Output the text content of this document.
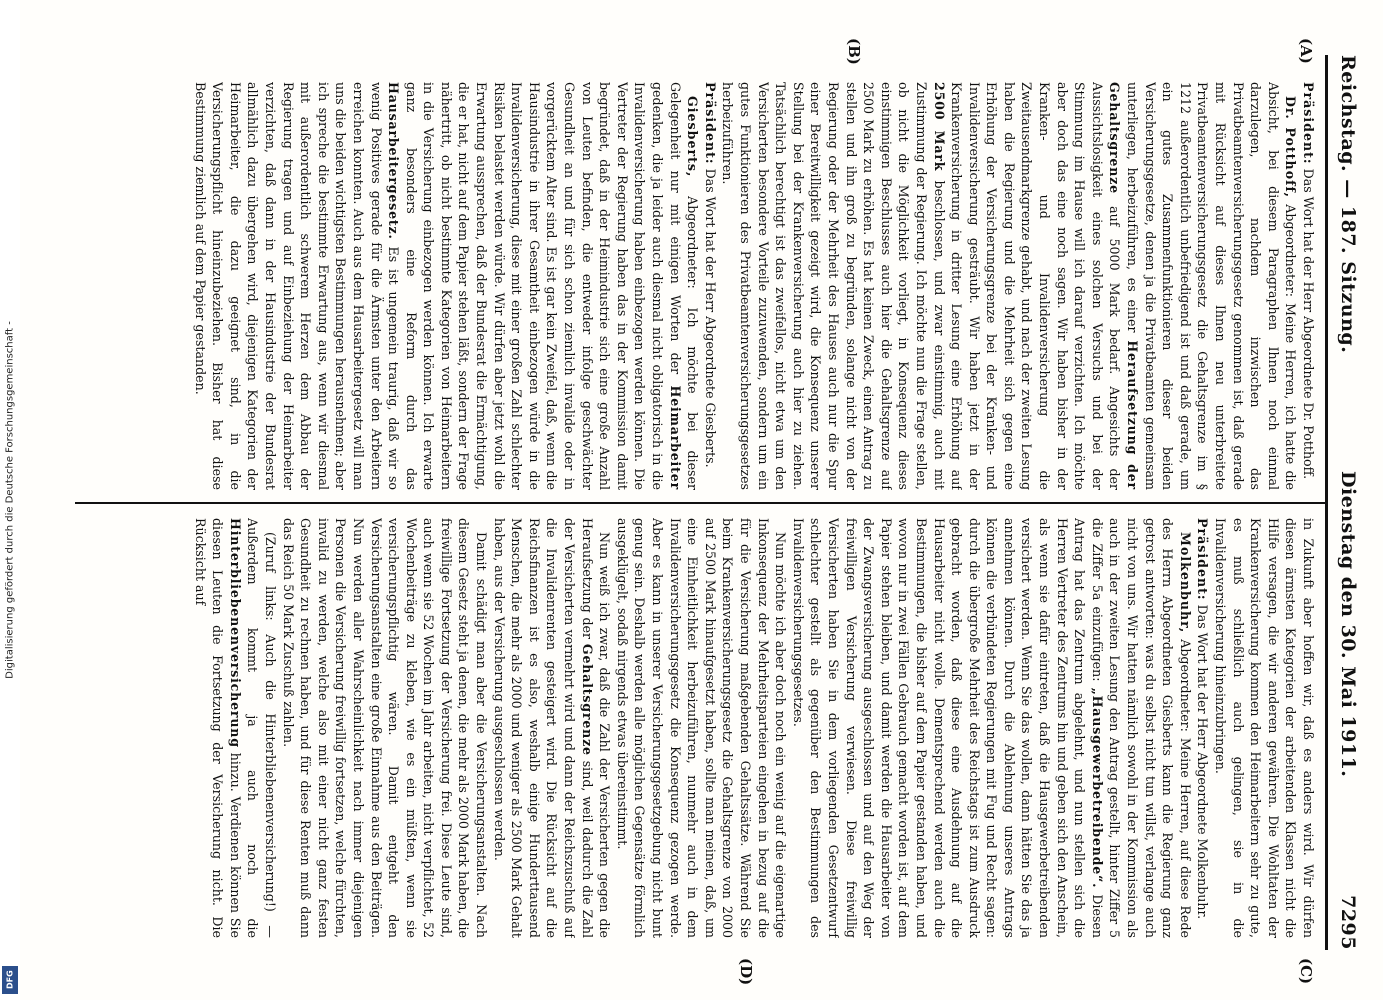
Digitalisierung gefördert durch die Deutsche Forschungsgemeinschaft -
DFG
Reichstag. — 187. Sitzung.
Dienstag den 30. Mai 1911.
7295
(A)
(B)
(C)
(D)

Präsident: Das Wort hat der Herr Abgeordnete Dr. Potthoff.

Dr. Potthoff, Abgeordneter: Meine Herren, ich hatte die Absicht, bei diesem Paragraphen Ihnen noch einmal darzulegen, nachdem inzwischen das Privatbeamtenversicherungsgesetz genommen ist, daß gerade mit Rücksicht auf dieses Ihnen neu unterbreitete Privatbeamtenversicherungsgesetz die Gehaltsgrenze im § 1212 außerordentlich unbefriedigend ist und daß gerade, um ein gutes Zusammenfunktionieren dieser beiden Versicherungsgesetze, denen ja die Privatbeamten gemeinsam unterliegen, herbeizuführen, es einer Heraufsetzung der Gehaltsgrenze auf 5000 Mark bedarf. Angesichts der Aussichtslosigkeit eines solchen Versuchs und bei der Stimmung im Hause will ich darauf verzichten. Ich möchte aber doch das eine noch sagen. Wir haben bisher in der Kranken- und Invalidenversicherung die Zweitausendmarkgrenze gehabt, und nach der zweiten Lesung haben die Regierung und die Mehrheit sich gegen eine Erhöhung der Versicherungsgrenze bei der Kranken- und Invalidenversicherung gesträubt. Wir haben jetzt in der Krankenversicherung in dritter Lesung eine Erhöhung auf 2500 Mark beschlossen, und zwar einstimmig, auch mit Zustimmung der Regierung. Ich möchte nun die Frage stellen, ob nicht die Möglichkeit vorliegt, in Konsequenz dieses einstimmigen Beschlusses auch hier die Gehaltsgrenze auf 2500 Mark zu erhöhen. Es hat keinen Zweck, einen Antrag zu stellen und ihn groß zu begründen, solange nicht von der Regierung oder der Mehrheit des Hauses auch nur die Spur einer Bereitwilligkeit gezeigt wird, die Konsequenz unserer Stellung bei der Krankenversicherung auch hier zu ziehen. Tatsächlich berechtigt ist das zweifellos, nicht etwa um den Versicherten besondere Vorteile zuzuwenden, sondern um ein gutes Funktionieren des Privatbeamtenversicherungsgesetzes herbeizuführen.

Präsident: Das Wort hat der Herr Abgeordnete Giesberts.

Giesberts, Abgeordneter: Ich möchte bei dieser Gelegenheit nur mit einigen Worten der Heimarbeiter gedenken, die ja leider auch diesmal nicht obligatorisch in die Invalidenversicherung haben einbezogen werden können. Die Vertreter der Regierung haben das in der Kommission damit begründet, daß in der Heimindustrie sich eine große Anzahl von Leuten befinden, die entweder infolge geschwächter Gesundheit an und für sich schon ziemlich invalide oder in vorgerücktem Alter sind. Es ist gar kein Zweifel, daß, wenn die Hausindustrie in ihrer Gesamtheit einbezogen würde in die Invalidenversicherung, diese mit einer großen Zahl schlechter Risiken belastet werden würde. Wir dürfen aber jetzt wohl die Erwartung aussprechen, daß der Bundesrat die Ermächtigung, die er hat, nicht auf dem Papier stehen läßt, sondern der Frage nähertritt, ob nicht bestimmte Kategorien von Heimarbeitern in die Versicherung einbezogen werden können. Ich erwarte ganz besonders eine Reform durch das Hausarbeitergesetz. Es ist ungemein traurig, daß wir so wenig Positives gerade für die Ärmsten unter den Arbeitern erreichen konnten. Auch aus dem Hausarbeitergesetz will man uns die beiden wichtigsten Bestimmungen herausnehmen; aber ich spreche die bestimmte Erwartung aus, wenn wir diesmal mit außerordentlich schwerem Herzen dem Abbau der Regierung tragen und auf Einbeziehung der Heimarbeiter verzichten, daß dann in der Hausindustrie der Bundesrat allmählich dazu übergehen wird, diejenigen Kategorien der Heimarbeiter, die dazu geeignet sind, in die Versicherungspflicht hineinzubeziehen. Bisher hat diese Bestimmung ziemlich auf dem Papier gestanden.

in Zukunft aber hoffen wir, daß es anders wird. Wir dürfen diesen ärmsten Kategorien der arbeitenden Klassen nicht die Hilfe versagen, die wir anderen gewähren. Die Wohltaten der Krankenversicherung kommen den Heimarbeitern sehr zu gute, es muß schließlich auch gelingen, sie in die Invalidenversicherung hineinzubringen.

Präsident: Das Wort hat der Herr Abgeordnete Molkenbuhr.

Molkenbuhr, Abgeordneter: Meine Herren, auf diese Rede des Herrn Abgeordneten Giesberts kann die Regierung ganz getrost antworten: was du selbst nicht tun willst, verlange auch nicht von uns. Wir hatten nämlich sowohl in der Kommission als auch in der zweiten Lesung den Antrag gestellt, hinter Ziffer 5 die Ziffer 5a einzufügen: „Hausgewerbetreibende“. Diesen Antrag hat das Zentrum abgelehnt, und nun stellen sich die Herren Vertreter des Zentrums hin und geben sich den Anschein, als wenn sie dafür eintreten, daß die Hausgewerbetreibenden versichert werden. Wenn Sie das wollen, dann hätten Sie das ja annehmen können. Durch die Ablehnung unseres Antrags können die verbündeten Regierungen mit Fug und Recht sagen: durch die übergroße Mehrheit des Reichstags ist zum Ausdruck gebracht worden, daß diese eine Ausdehnung auf die Hausarbeiter nicht wolle. Dementsprechend werden auch die Bestimmungen, die bisher auf dem Papier gestanden haben, und wovon nur in zwei Fällen Gebrauch gemacht worden ist, auf dem Papier stehen bleiben, und damit werden die Hausarbeiter von der Zwangsversicherung ausgeschlossen und auf den Weg der freiwilligen Versicherung verwiesen. Diese freiwillig Versicherten haben Sie in dem vorliegenden Gesetzentwurf schlechter gestellt als gegenüber den Bestimmungen des Invalidenversicherungsgesetzes.

Nun möchte ich aber doch noch ein wenig auf die eigenartige Inkonsequenz der Mehrheitsparteien eingehen in bezug auf die für die Versicherung maßgebenden Gehaltssätze. Während Sie beim Krankenversicherungsgesetz die Gehaltsgrenze von 2000 auf 2500 Mark hinaufgesetzt haben, sollte man meinen, daß, um eine Einheitlichkeit herbeizuführen, nunmehr auch in dem Invalidenversicherungsgesetz die Konsequenz gezogen werde. Aber es kann in unserer Versicherungsgesetzgebung nicht bunt genug sein. Deshalb werden alle möglichen Gegensätze förmlich ausgeklügelt, sodaß nirgends etwas übereinstimmt.

Nun weiß ich zwar, daß die Zahl der Versicherten gegen die Heraufsetzung der Gehaltsgrenze sind, weil dadurch die Zahl der Versicherten vermehrt wird und dann der Reichszuschuß auf die Invalidenrenten gesteigert wird. Die Rücksicht auf die Reichsfinanzen ist es also, weshalb einige Hunderttausend Menschen, die mehr als 2000 und weniger als 2500 Mark Gehalt haben, aus der Versicherung ausgeschlossen werden.

Damit schädigt man aber die Versicherungsanstalten. Nach diesem Gesetz steht ja denen, die mehr als 2000 Mark haben, die freiwillige Fortsetzung der Versicherung frei. Diese Leute sind, auch wenn sie 52 Wochen im Jahr arbeiten, nicht verpflichtet, 52 Wochenbeiträge zu kleben, wie es ein müßten, wenn sie versicherungspflichtig wären. Damit entgeht den Versicherungsanstalten eine große Einnahme aus den Beiträgen. Nun werden aller Wahrscheinlichkeit nach immer diejenigen Personen die Versicherung freiwillig fortsetzen, welche fürchten, invalid zu werden, welche also mit einer nicht ganz festen Gesundheit zu rechnen haben, und für diese Renten muß dann das Reich 50 Mark Zuschuß zahlen.

(Zuruf links: Auch die Hinterbliebenenversicherung!) — Außerdem kommt ja auch noch die Hinterbliebenenversicherung hinzu. Verdienen können Sie diesen Leuten die Fortsetzung der Versicherung nicht. Die Rücksicht auf
